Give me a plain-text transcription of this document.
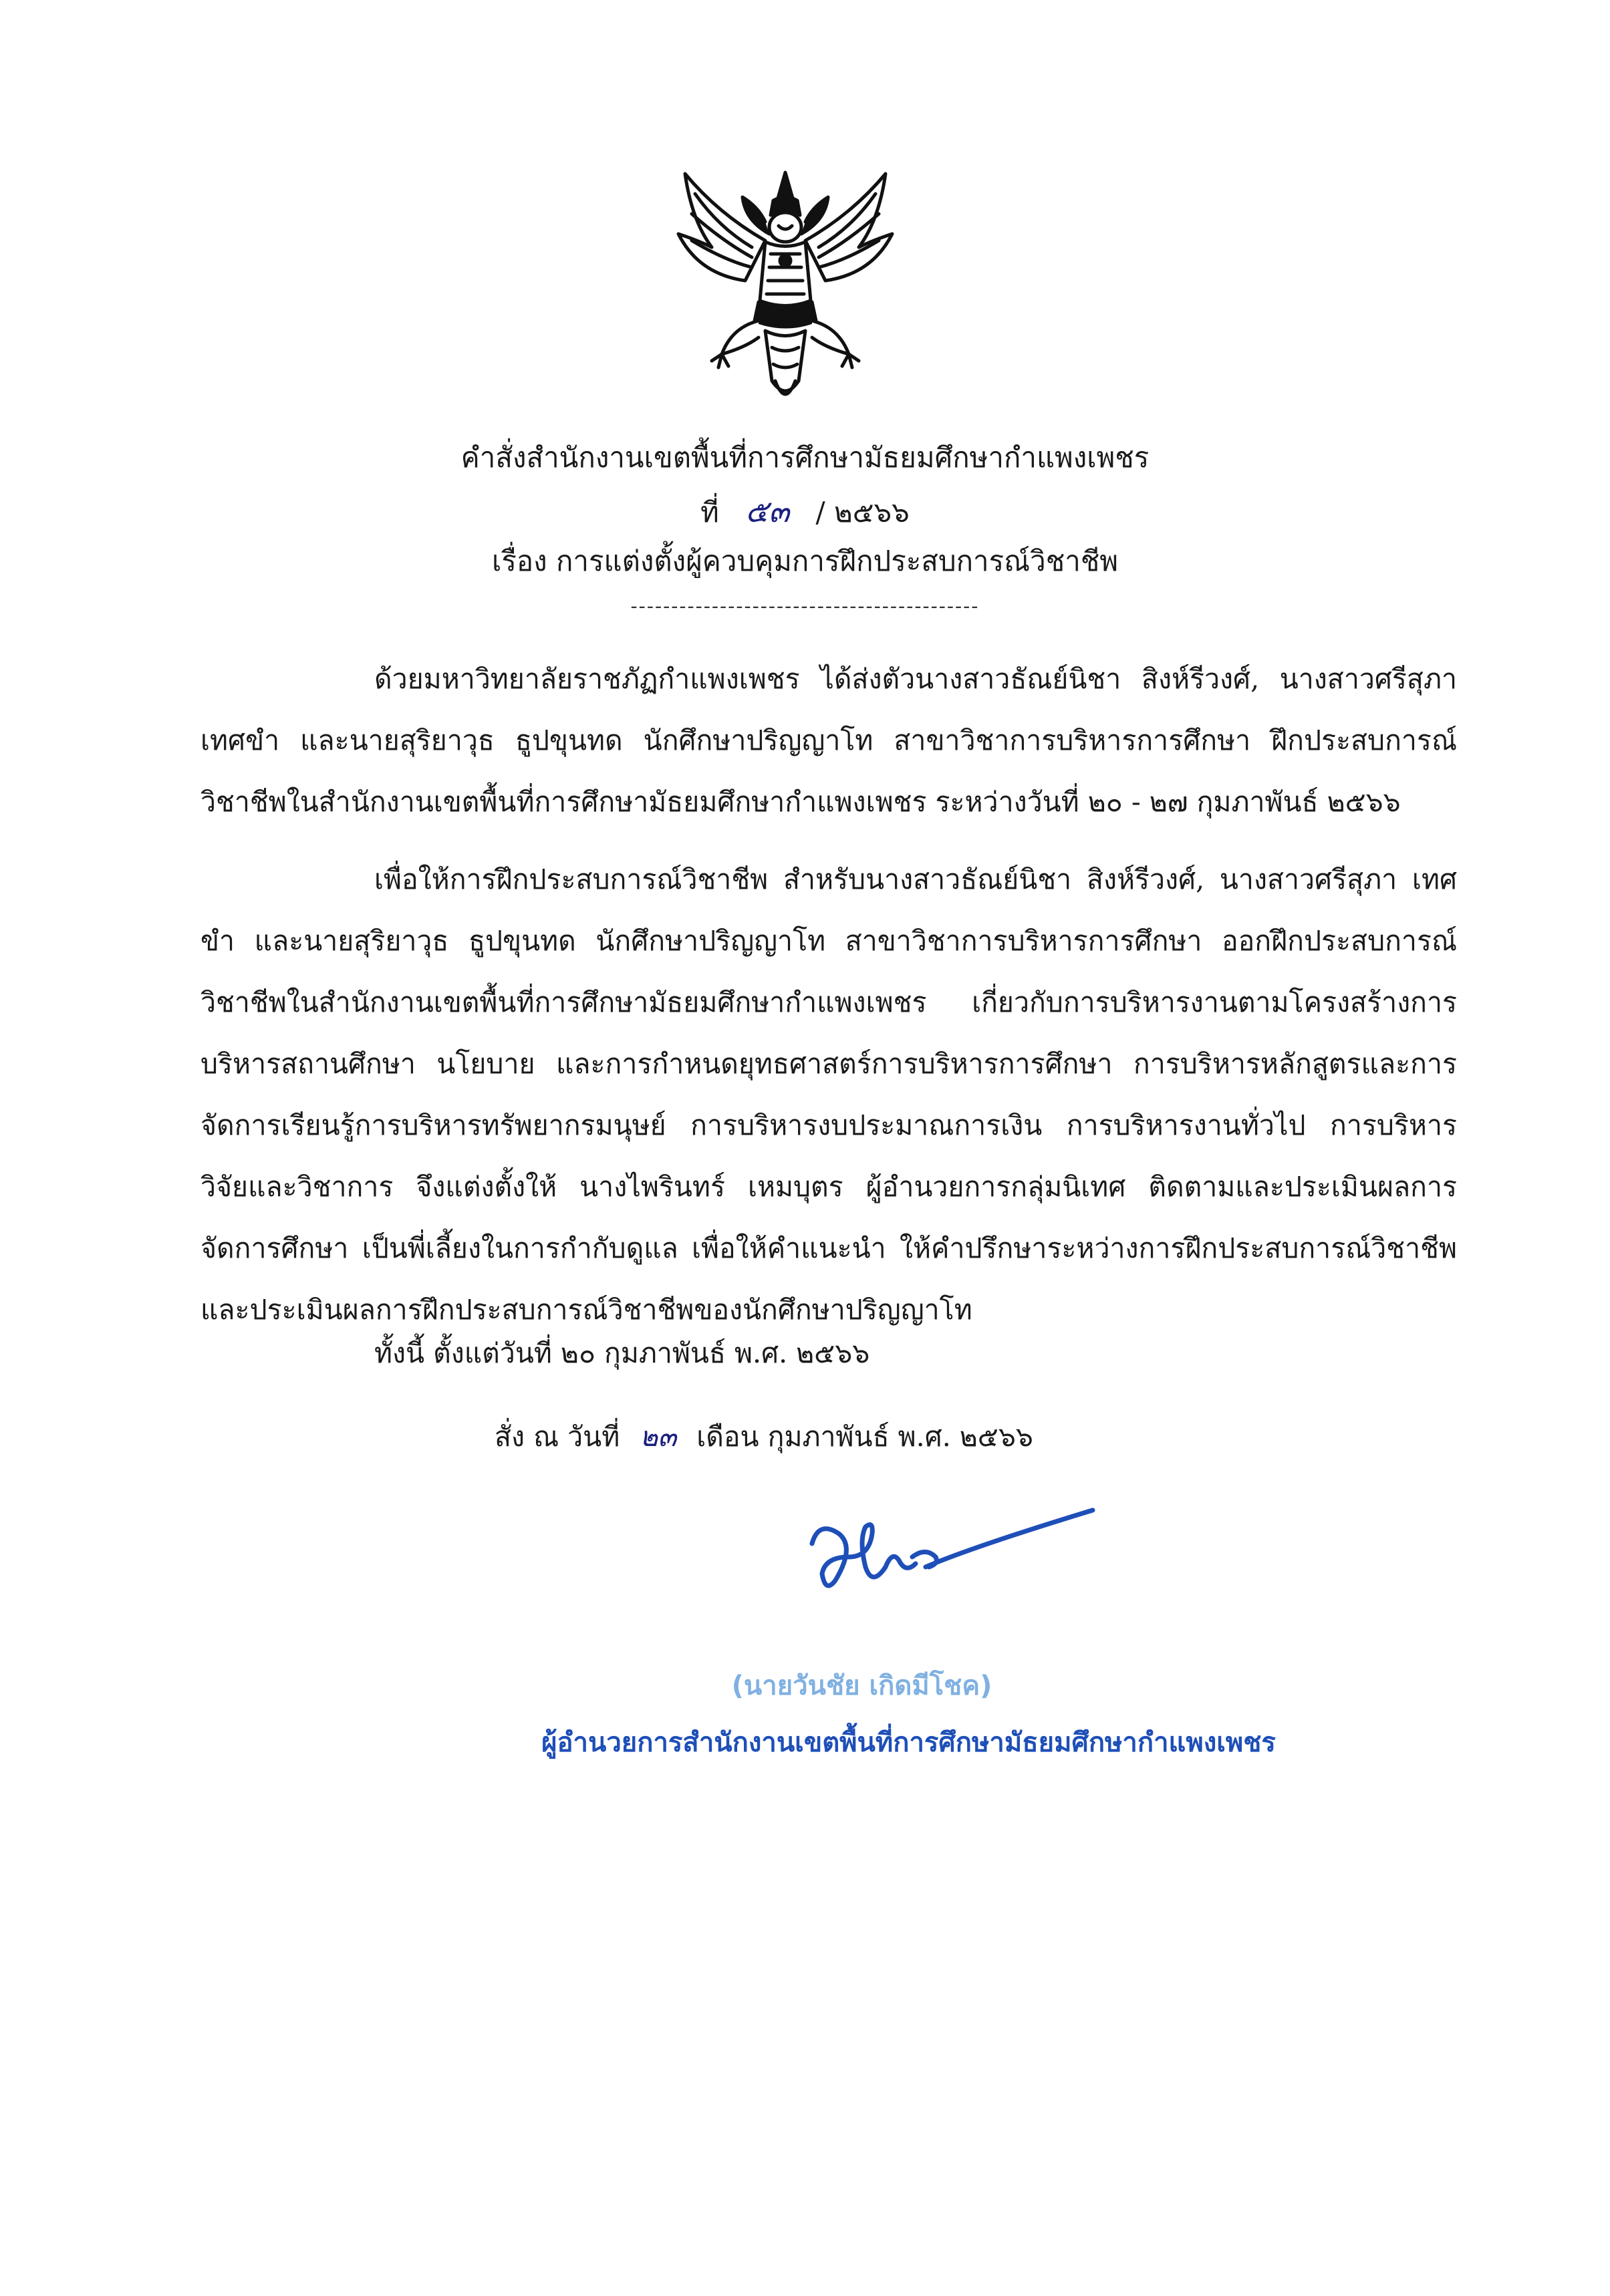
คำสั่งสำนักงานเขตพื้นที่การศึกษามัธยมศึกษากำแพงเพชร
ที่ ๕๓ / ๒๕๖๖
เรื่อง การแต่งตั้งผู้ควบคุมการฝึกประสบการณ์วิชาชีพ
-------------------------------------------
ด้วยมหาวิทยาลัยราชภัฏกำแพงเพชร ได้ส่งตัวนางสาวธัณย์นิชา สิงห์รีวงศ์, นางสาวศรีสุภา เทศขำ และนายสุริยาวุธ ธูปขุนทด นักศึกษาปริญญาโท สาขาวิชาการบริหารการศึกษา ฝึกประสบการณ์วิชาชีพในสำนักงานเขตพื้นที่การศึกษามัธยมศึกษากำแพงเพชร ระหว่างวันที่ ๒๐ - ๒๗ กุมภาพันธ์ ๒๕๖๖
เพื่อให้การฝึกประสบการณ์วิชาชีพ สำหรับนางสาวธัณย์นิชา สิงห์รีวงศ์, นางสาวศรีสุภา เทศขำ และนายสุริยาวุธ ธูปขุนทด นักศึกษาปริญญาโท สาขาวิชาการบริหารการศึกษา ออกฝึกประสบการณ์วิชาชีพในสำนักงานเขตพื้นที่การศึกษามัธยมศึกษากำแพงเพชร เกี่ยวกับการบริหารงานตามโครงสร้างการบริหารสถานศึกษา นโยบาย และการกำหนดยุทธศาสตร์การบริหารการศึกษา การบริหารหลักสูตรและการจัดการเรียนรู้การบริหารทรัพยากรมนุษย์ การบริหารงบประมาณการเงิน การบริหารงานทั่วไป การบริหารวิจัยและวิชาการ จึงแต่งตั้งให้ นางไพรินทร์ เหมบุตร ผู้อำนวยการกลุ่มนิเทศ ติดตามและประเมินผลการจัดการศึกษา เป็นพี่เลี้ยงในการกำกับดูแล เพื่อให้คำแนะนำ ให้คำปรึกษาระหว่างการฝึกประสบการณ์วิชาชีพ และประเมินผลการฝึกประสบการณ์วิชาชีพของนักศึกษาปริญญาโท
ทั้งนี้ ตั้งแต่วันที่ ๒๐ กุมภาพันธ์ พ.ศ. ๒๕๖๖
สั่ง ณ วันที่ ๒๓ เดือน กุมภาพันธ์ พ.ศ. ๒๕๖๖
(นายวันชัย เกิดมีโชค)
ผู้อำนวยการสำนักงานเขตพื้นที่การศึกษามัธยมศึกษากำแพงเพชร
